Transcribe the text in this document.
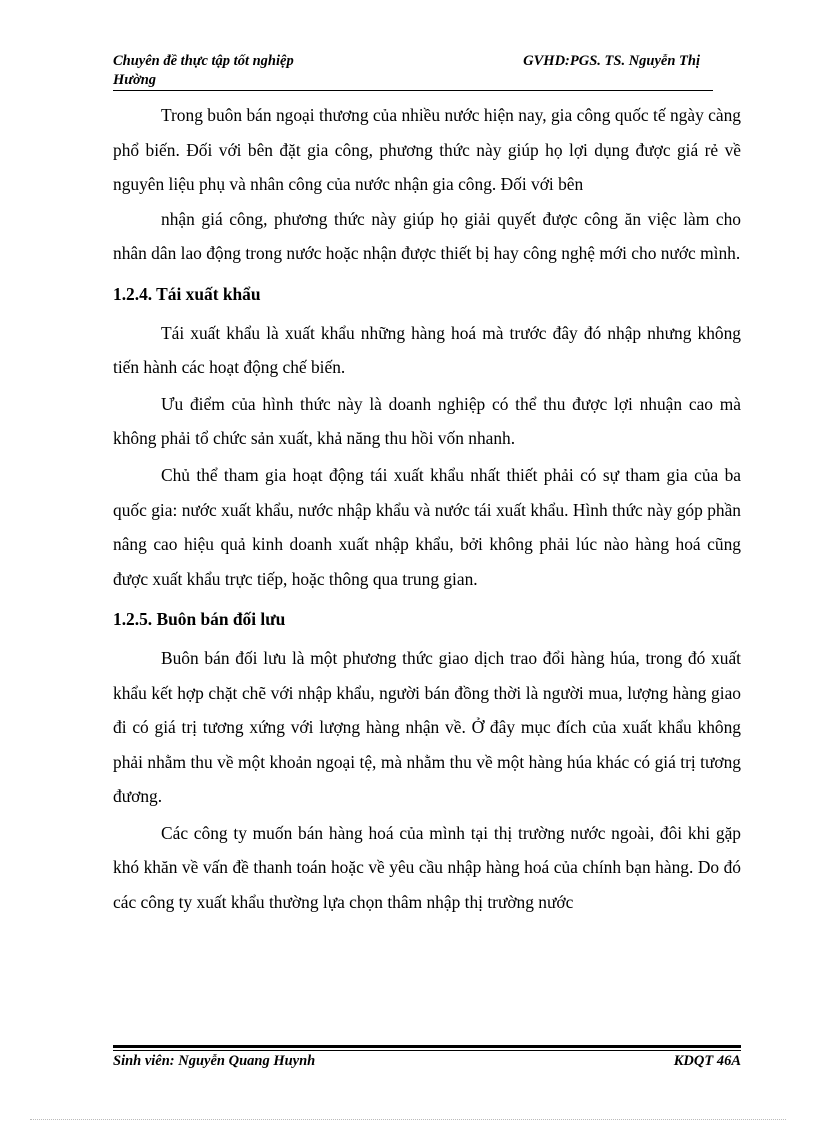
Chuyên đề thực tập tốt nghiệp	GVHD:PGS. TS. Nguyễn Thị
Hường

Trong buôn bán ngoại thương của nhiều nước hiện nay, gia công quốc tế ngày càng phổ biến. Đối với bên đặt gia công, phương thức này giúp họ lợi dụng được giá rẻ về nguyên liệu phụ và nhân công của nước nhận gia công. Đối với bên

nhận giá công, phương thức này giúp họ giải quyết được công ăn việc làm cho nhân dân lao động trong nước hoặc nhận được thiết bị hay công nghệ mới cho nước mình.

1.2.4. Tái xuất khẩu

Tái xuất khẩu là xuất khẩu những hàng hoá mà trước đây đó nhập nhưng không tiến hành các hoạt động chế biến.

Ưu điểm của hình thức này là doanh nghiệp có thể thu được lợi nhuận cao mà không phải tổ chức sản xuất, khả năng thu hồi vốn nhanh.

Chủ thể tham gia hoạt động tái xuất khẩu nhất thiết phải có sự tham gia của ba quốc gia: nước xuất khẩu, nước nhập khẩu và nước tái xuất khẩu. Hình thức này góp phần nâng cao hiệu quả kinh doanh xuất nhập khẩu, bởi không phải lúc nào hàng hoá cũng được xuất khẩu trực tiếp, hoặc thông qua trung gian.

1.2.5. Buôn bán đối lưu

Buôn bán đối lưu là một phương thức giao dịch trao đổi hàng húa, trong đó xuất khẩu kết hợp chặt chẽ với nhập khẩu, người bán đồng thời là người mua, lượng hàng giao đi có giá trị tương xứng với lượng hàng nhận về. Ở đây mục đích của xuất khẩu không phải nhằm thu về một khoản ngoại tệ, mà nhằm thu về một hàng húa khác có giá trị tương đương.

Các công ty muốn bán hàng hoá của mình tại thị trường nước ngoài, đôi khi gặp khó khăn về vấn đề thanh toán hoặc về yêu cầu nhập hàng hoá của chính bạn hàng. Do đó các công ty xuất khẩu thường lựa chọn thâm nhập thị trường nước

Sinh viên: Nguyễn Quang Huynh	KDQT 46A
